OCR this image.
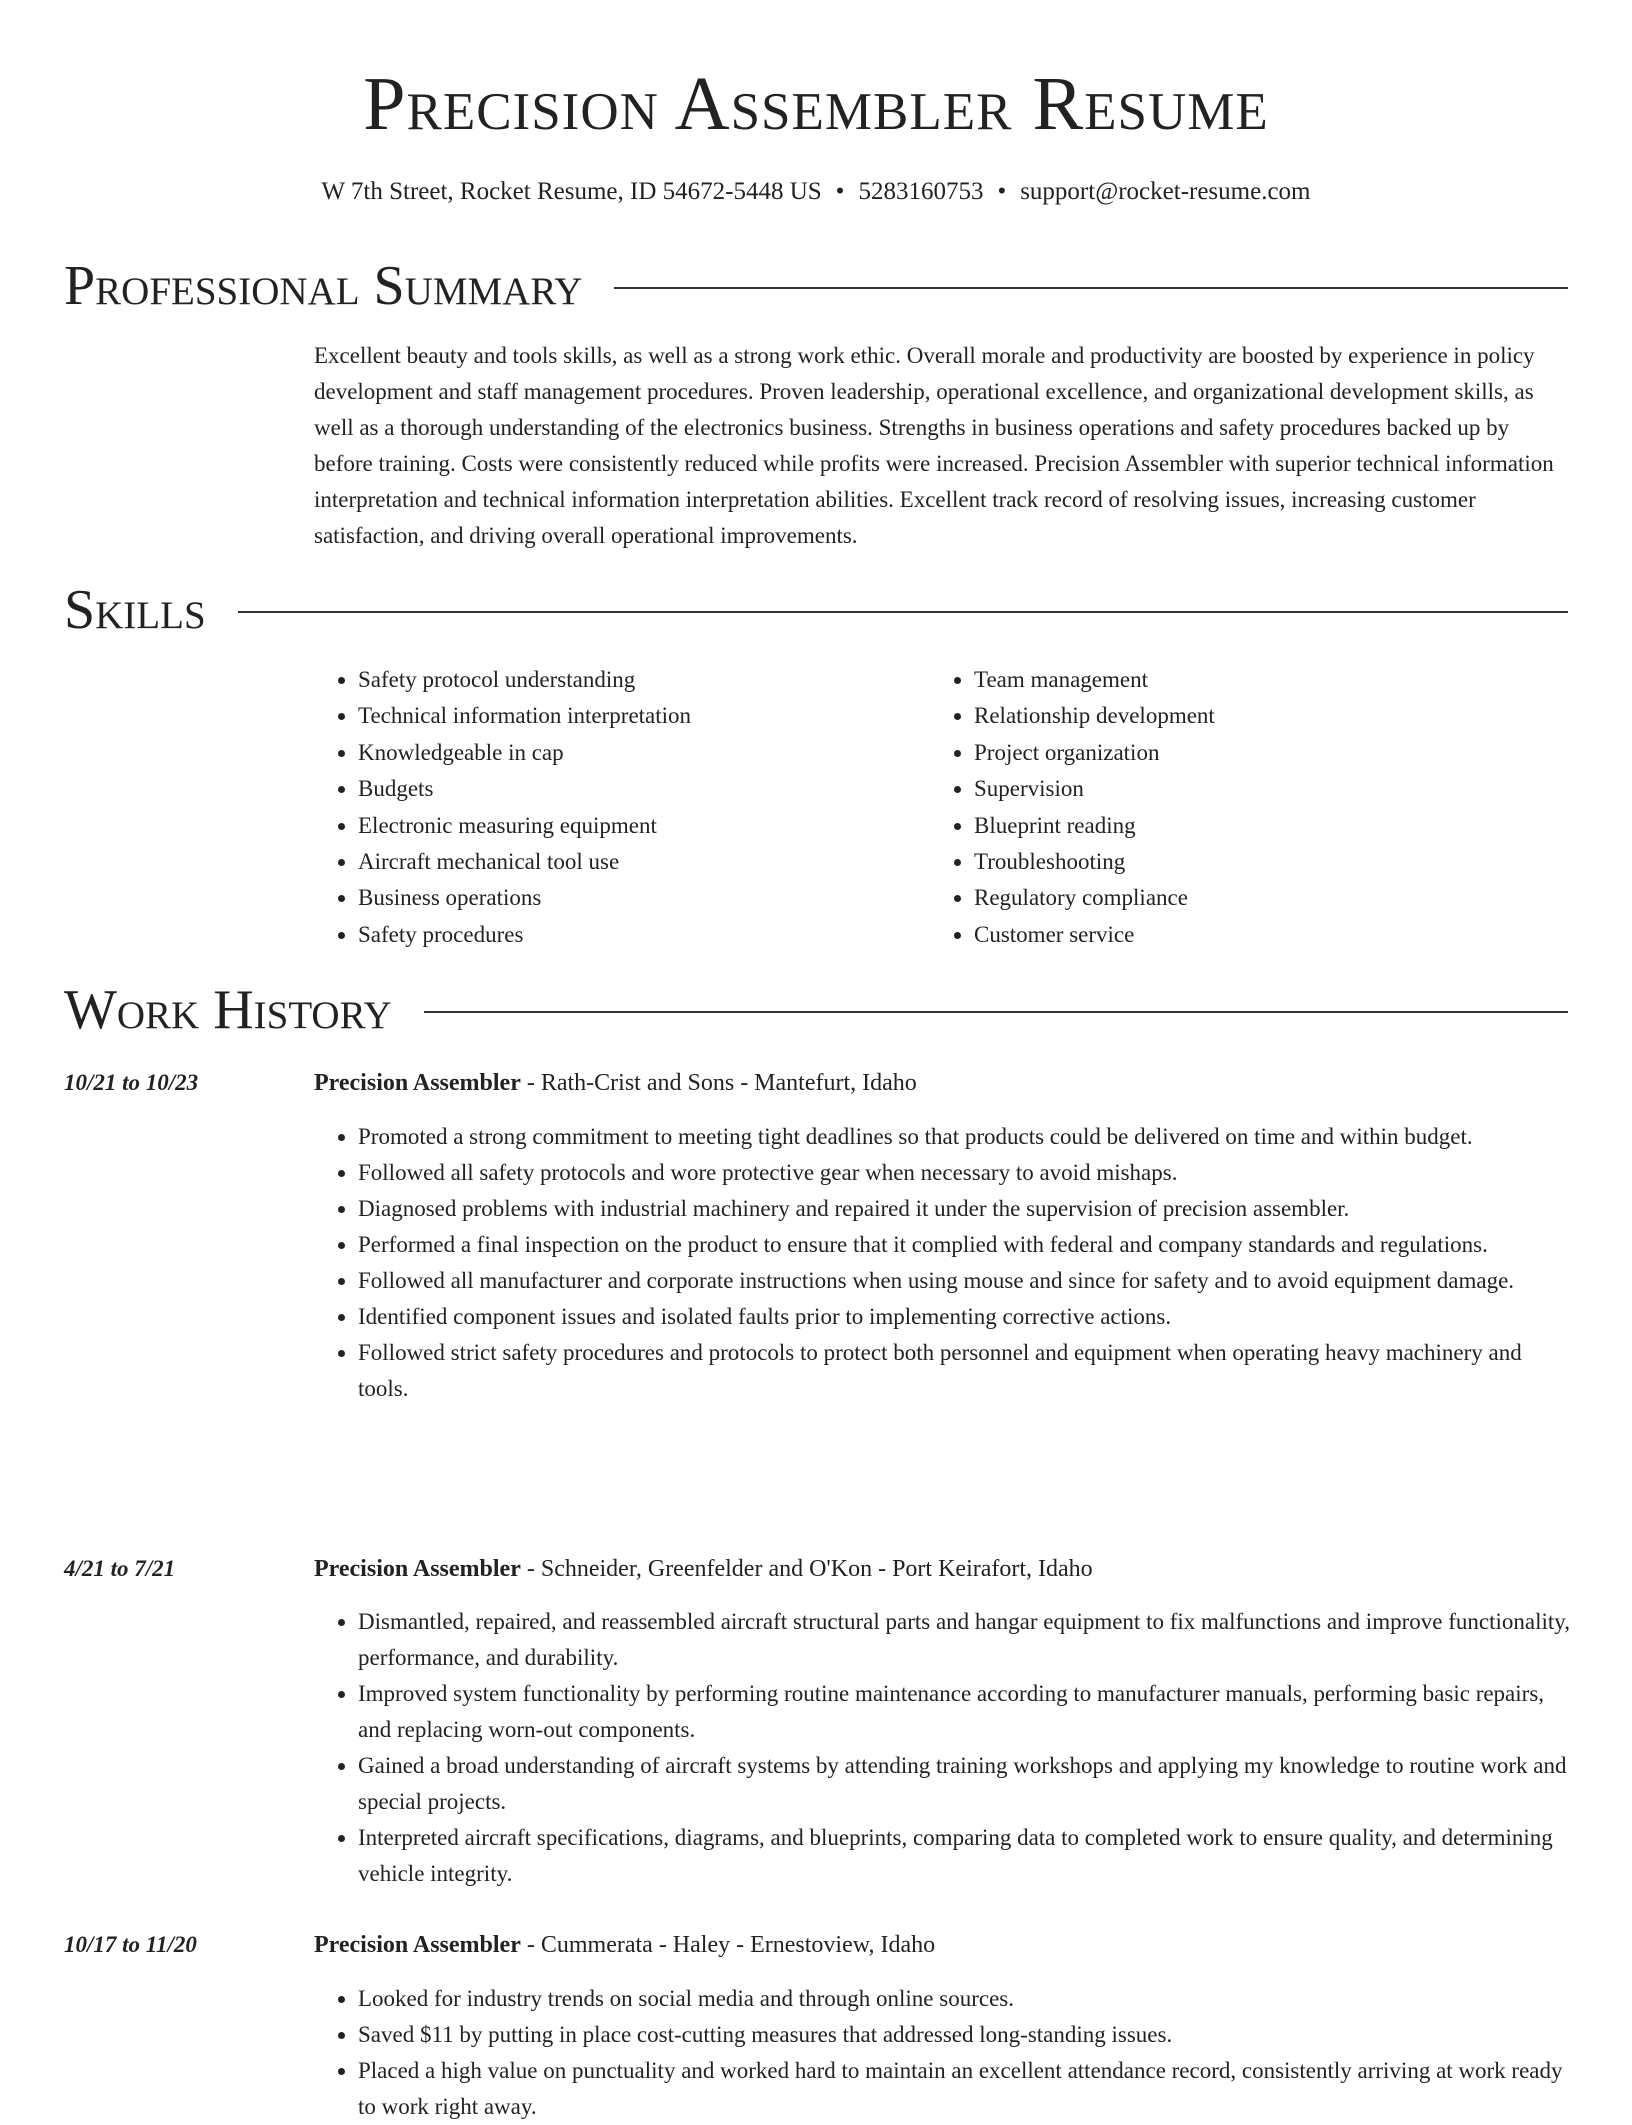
Precision Assembler Resume
W 7th Street, Rocket Resume, ID 54672-5448 US • 5283160753 • support@rocket-resume.com
Professional Summary

Excellent beauty and tools skills, as well as a strong work ethic. Overall morale and productivity are boosted by experience in policy development and staff management procedures. Proven leadership, operational excellence, and organizational development skills, as well as a thorough understanding of the electronics business. Strengths in business operations and safety procedures backed up by before training. Costs were consistently reduced while profits were increased. Precision Assembler with superior technical information interpretation and technical information interpretation abilities. Excellent track record of resolving issues, increasing customer satisfaction, and driving overall operational improvements.

Skills
• Safety protocol understanding
• Technical information interpretation
• Knowledgeable in cap
• Budgets
• Electronic measuring equipment
• Aircraft mechanical tool use
• Business operations
• Safety procedures
• Team management
• Relationship development
• Project organization
• Supervision
• Blueprint reading
• Troubleshooting
• Regulatory compliance
• Customer service
Work History
10/21 to 10/23	Precision Assembler - Rath-Crist and Sons - Mantefurt, Idaho
• Promoted a strong commitment to meeting tight deadlines so that products could be delivered on time and within budget.
• Followed all safety protocols and wore protective gear when necessary to avoid mishaps.
• Diagnosed problems with industrial machinery and repaired it under the supervision of precision assembler.
• Performed a final inspection on the product to ensure that it complied with federal and company standards and regulations.
• Followed all manufacturer and corporate instructions when using mouse and since for safety and to avoid equipment damage.
• Identified component issues and isolated faults prior to implementing corrective actions.
• Followed strict safety procedures and protocols to protect both personnel and equipment when operating heavy machinery and tools.
4/21 to 7/21	Precision Assembler - Schneider, Greenfelder and O'Kon - Port Keirafort, Idaho
• Dismantled, repaired, and reassembled aircraft structural parts and hangar equipment to fix malfunctions and improve functionality, performance, and durability.
• Improved system functionality by performing routine maintenance according to manufacturer manuals, performing basic repairs, and replacing worn-out components.
• Gained a broad understanding of aircraft systems by attending training workshops and applying my knowledge to routine work and special projects.
• Interpreted aircraft specifications, diagrams, and blueprints, comparing data to completed work to ensure quality, and determining vehicle integrity.
10/17 to 11/20	Precision Assembler - Cummerata - Haley - Ernestoview, Idaho
• Looked for industry trends on social media and through online sources.
• Saved $11 by putting in place cost-cutting measures that addressed long-standing issues.
• Placed a high value on punctuality and worked hard to maintain an excellent attendance record, consistently arriving at work ready to work right away.
